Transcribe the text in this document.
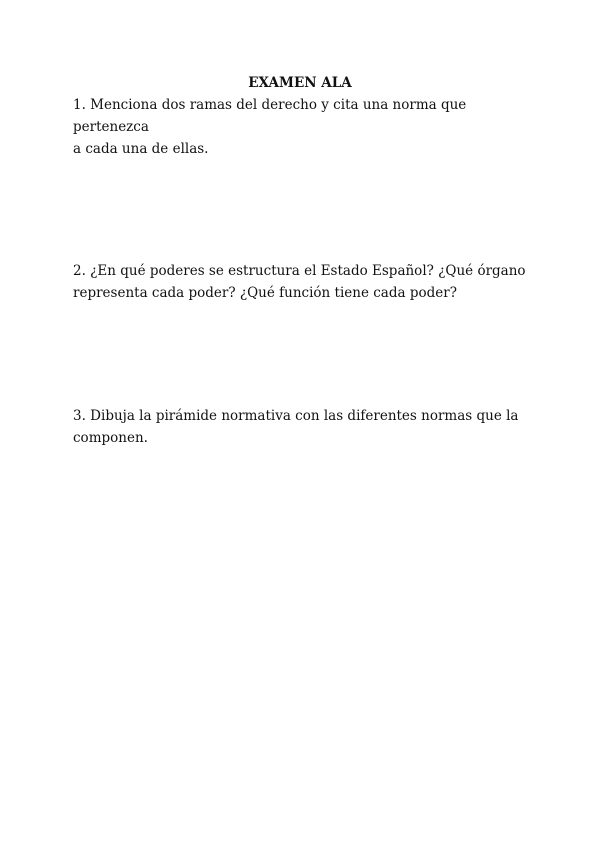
EXAMEN ALA

1. Menciona dos ramas del derecho y cita una norma que pertenezca
a cada una de ellas.

2. ¿En qué poderes se estructura el Estado Español? ¿Qué órgano
representa cada poder? ¿Qué función tiene cada poder?

3. Dibuja la pirámide normativa con las diferentes normas que la
componen.
